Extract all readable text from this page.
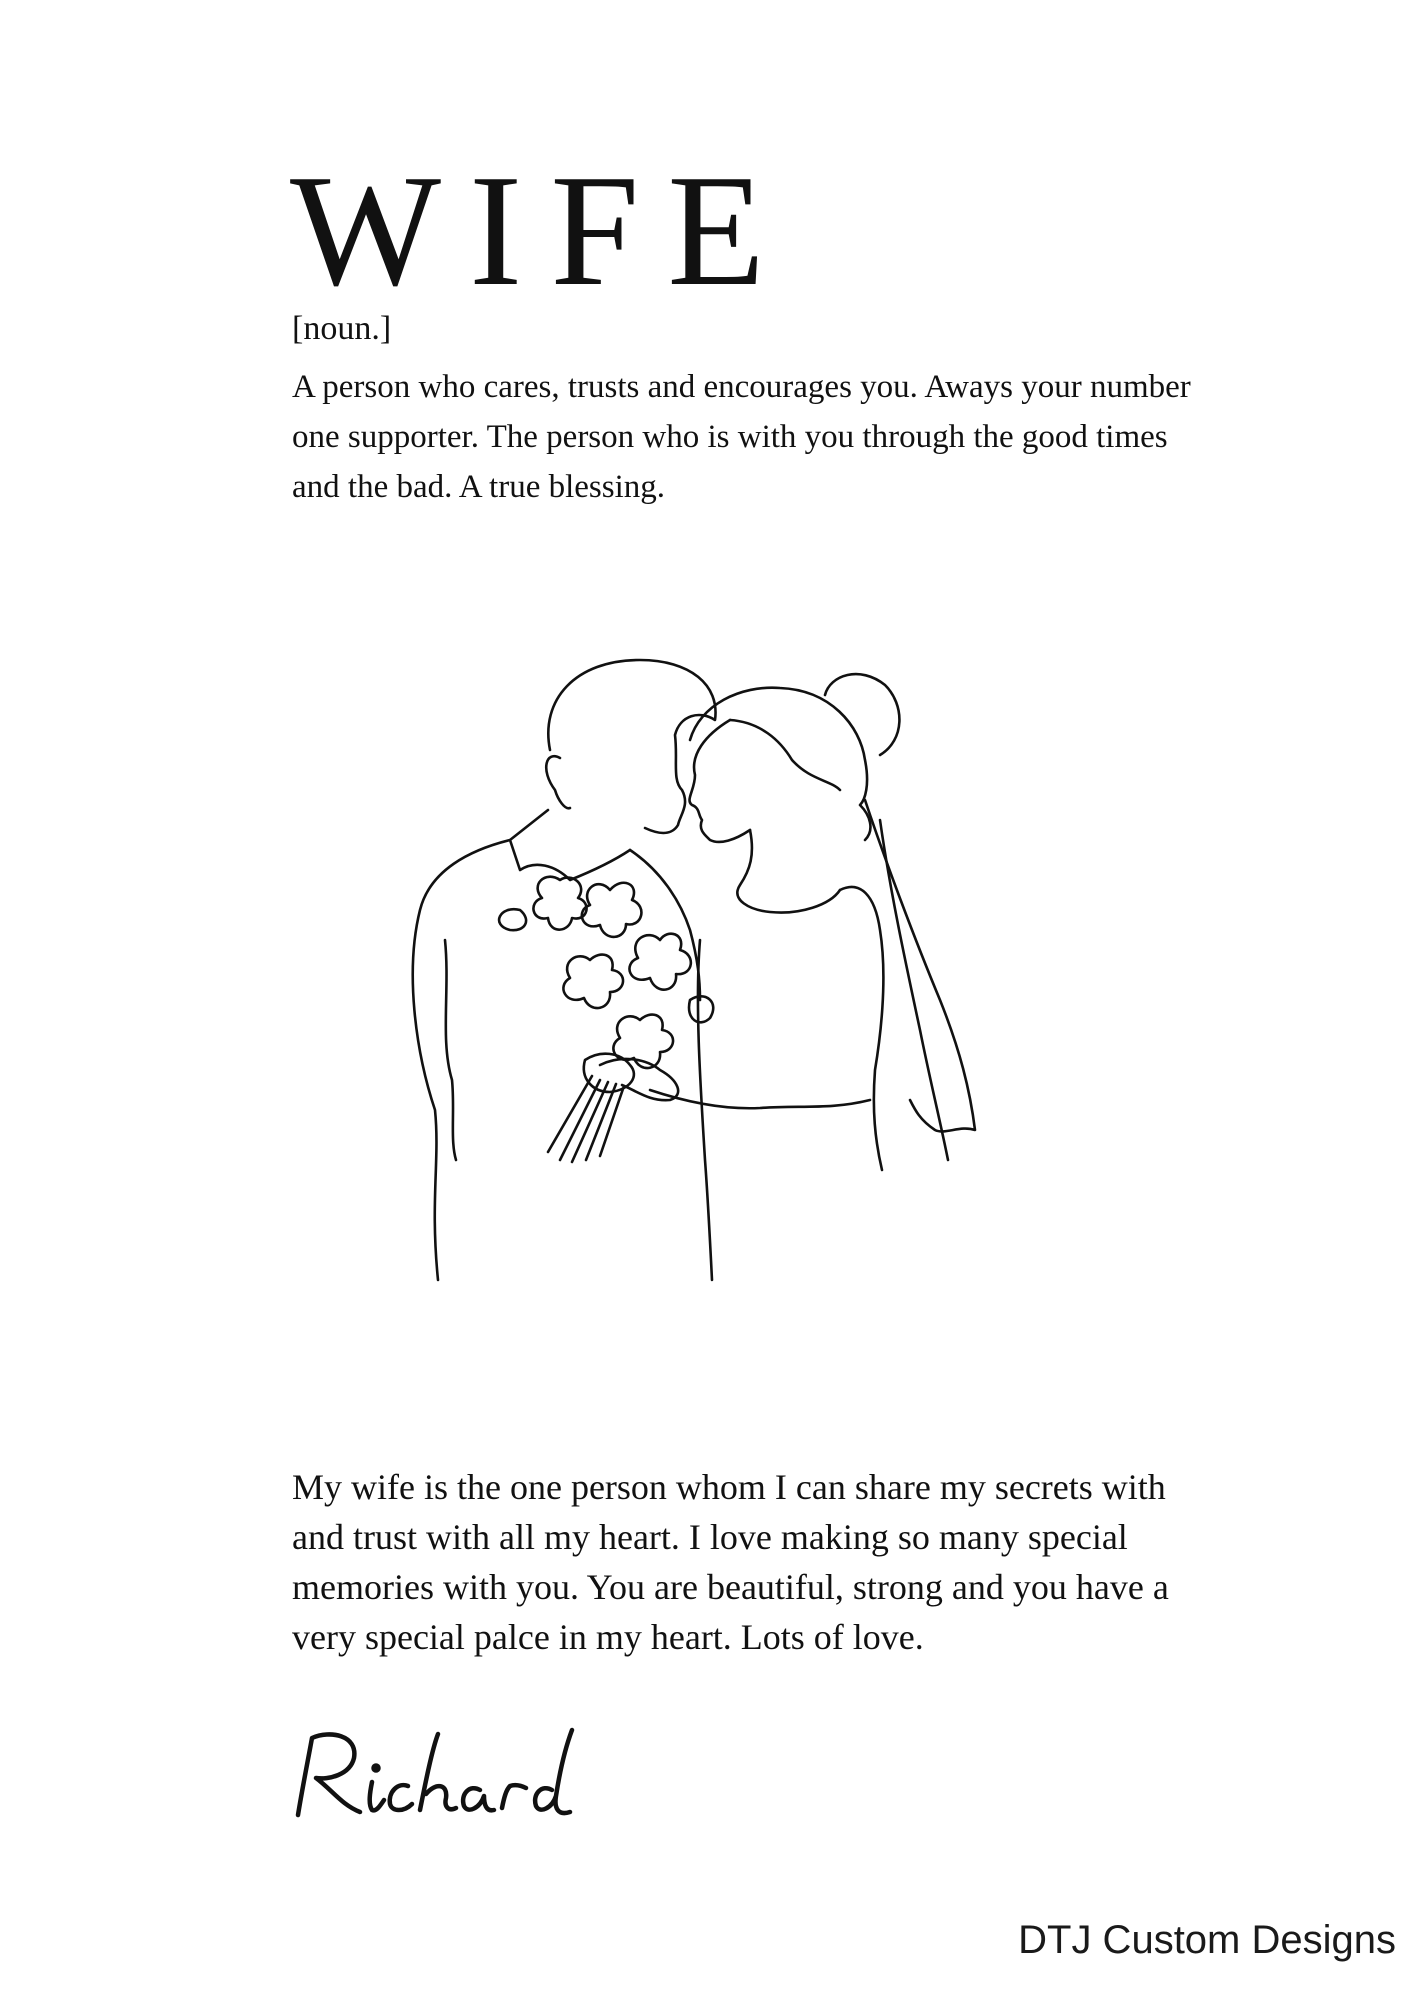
WIFE
[noun.]

A person who cares, trusts and encourages you. Aways your number one supporter. The person who is with you through the good times and the bad. A true blessing.

My wife is the one person whom I can share my secrets with and trust with all my heart. I love making so many special memories with you. You are beautiful, strong and you have a very special palce in my heart. Lots of love.

DTJ Custom Designs
